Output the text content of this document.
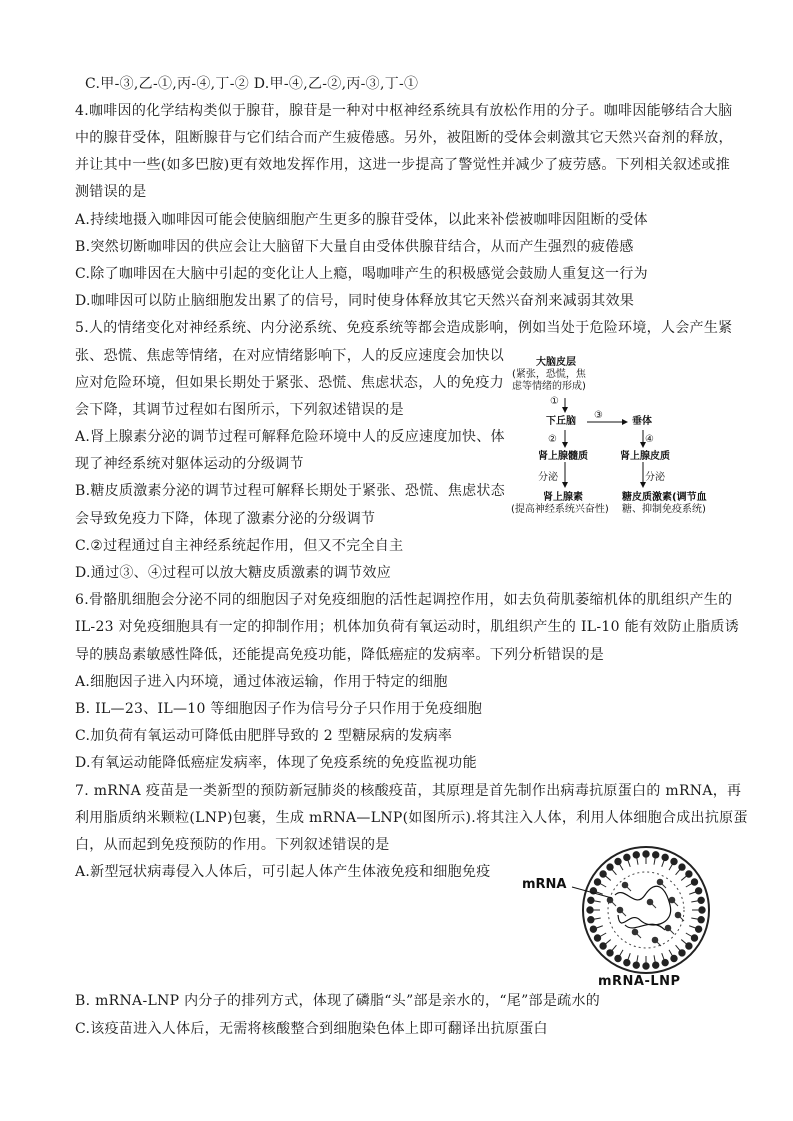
C.甲-③,乙-①,丙-④,丁-② D.甲-④,乙-②,丙-③,丁-①
4.咖啡因的化学结构类似于腺苷，腺苷是一种对中枢神经系统具有放松作用的分子。咖啡因能够结合大脑
中的腺苷受体，阻断腺苷与它们结合而产生疲倦感。另外，被阻断的受体会刺激其它天然兴奋剂的释放，
并让其中一些(如多巴胺)更有效地发挥作用，这进一步提高了警觉性并减少了疲劳感。下列相关叙述或推
测错误的是
A.持续地摄入咖啡因可能会使脑细胞产生更多的腺苷受体，以此来补偿被咖啡因阻断的受体
B.突然切断咖啡因的供应会让大脑留下大量自由受体供腺苷结合，从而产生强烈的疲倦感
C.除了咖啡因在大脑中引起的变化让人上瘾，喝咖啡产生的积极感觉会鼓励人重复这一行为
D.咖啡因可以防止脑细胞发出累了的信号，同时使身体释放其它天然兴奋剂来减弱其效果
5.人的情绪变化对神经系统、内分泌系统、免疫系统等都会造成影响，例如当处于危险环境，人会产生紧
张、恐慌、焦虑等情绪，在对应情绪影响下，人的反应速度会加快以
应对危险环境，但如果长期处于紧张、恐慌、焦虑状态，人的免疫力
会下降，其调节过程如右图所示，下列叙述错误的是
A.肾上腺素分泌的调节过程可解释危险环境中人的反应速度加快、体
现了神经系统对躯体运动的分级调节
B.糖皮质激素分泌的调节过程可解释长期处于紧张、恐慌、焦虑状态
会导致免疫力下降，体现了激素分泌的分级调节
C.②过程通过自主神经系统起作用，但又不完全自主
D.通过③、④过程可以放大糖皮质激素的调节效应
6.骨骼肌细胞会分泌不同的细胞因子对免疫细胞的活性起调控作用，如去负荷肌萎缩机体的肌组织产生的
IL-23 对免疫细胞具有一定的抑制作用；机体加负荷有氧运动时，肌组织产生的 IL-10 能有效防止脂质诱
导的胰岛素敏感性降低，还能提高免疫功能，降低癌症的发病率。下列分析错误的是
A.细胞因子进入内环境，通过体液运输，作用于特定的细胞
B. IL—23、IL—10 等细胞因子作为信号分子只作用于免疫细胞
C.加负荷有氧运动可降低由肥胖导致的 2 型糖尿病的发病率
D.有氧运动能降低癌症发病率，体现了免疫系统的免疫监视功能
7. mRNA 疫苗是一类新型的预防新冠肺炎的核酸疫苗，其原理是首先制作出病毒抗原蛋白的 mRNA，再
利用脂质纳米颗粒(LNP)包裹，生成 mRNA—LNP(如图所示).将其注入人体，利用人体细胞合成出抗原蛋
白，从而起到免疫预防的作用。下列叙述错误的是
A.新型冠状病毒侵入人体后，可引起人体产生体液免疫和细胞免疫
B. mRNA-LNP 内分子的排列方式，体现了磷脂“头”部是亲水的，“尾”部是疏水的
C.该疫苗进入人体后，无需将核酸整合到细胞染色体上即可翻译出抗原蛋白
大脑皮层
(紧张，恐慌，焦
虑等情绪的形成)
①
下丘脑
③
垂体
②	④
肾上腺髓质	肾上腺皮质
分泌	分泌
肾上腺素
(提高神经系统兴奋性)
糖皮质激素(调节血
糖、抑制免疫系统)
mRNA
mRNA-LNP
